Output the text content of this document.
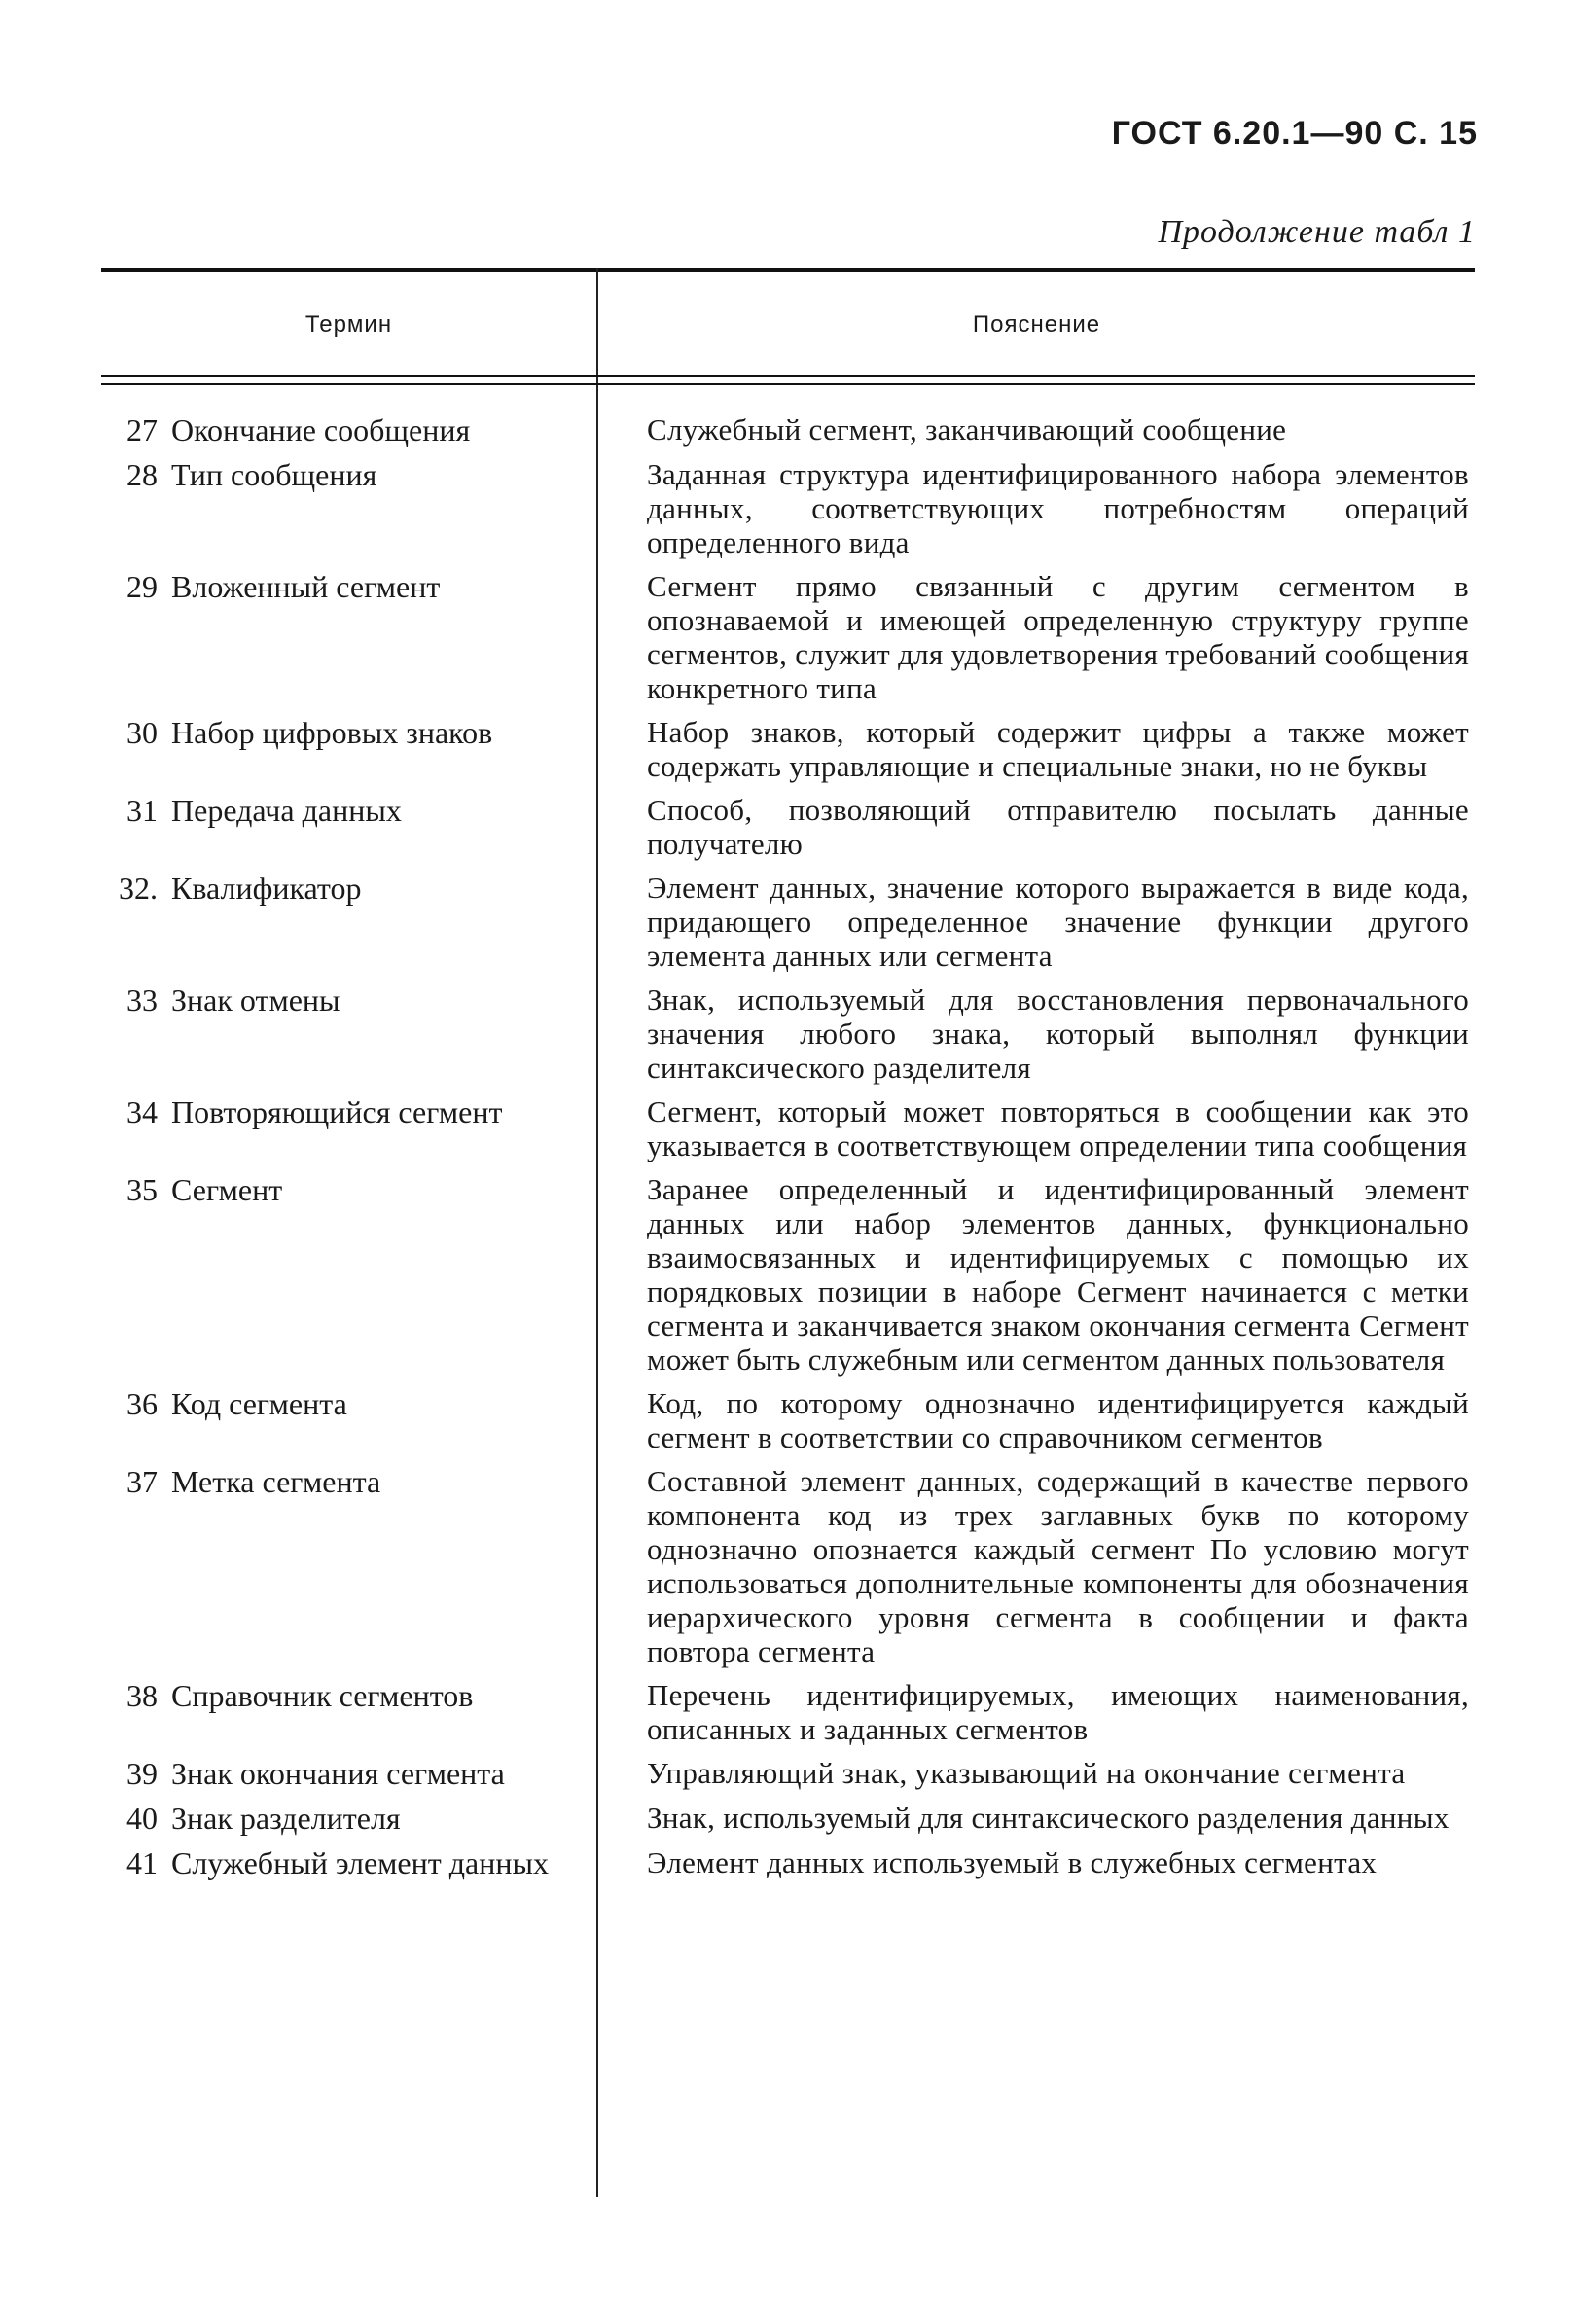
ГОСТ 6.20.1—90 С. 15
Продолжение табл 1
Термин	Пояснение
27 Окончание сообщения	Служебный сегмент, заканчивающий сообщение
28 Тип сообщения	Заданная структура идентифицированного набора элементов данных, соответствующих потребностям операций определенного вида
29 Вложенный сегмент	Сегмент прямо связанный с другим сегментом в опознаваемой и имеющей определенную структуру группе сегментов, служит для удовлетворения требований сообщения конкретного типа
30 Набор цифровых знаков	Набор знаков, который содержит цифры а также может содержать управляющие и специальные знаки, но не буквы
31 Передача данных	Способ, позволяющий отправителю посылать данные получателю
32. Квалификатор	Элемент данных, значение которого выражается в виде кода, придающего определенное значение функции другого элемента данных или сегмента
33 Знак отмены	Знак, используемый для восстановления первоначального значения любого знака, который выполнял функции синтаксического разделителя
34 Повторяющийся сегмент	Сегмент, который может повторяться в сообщении как это указывается в соответствующем определении типа сообщения
35 Сегмент	Заранее определенный и идентифицированный элемент данных или набор элементов данных, функционально взаимосвязанных и идентифицируемых с помощью их порядковых позиции в наборе Сегмент начинается с метки сегмента и заканчивается знаком окончания сегмента Сегмент может быть служебным или сегментом данных пользователя
36 Код сегмента	Код, по которому однозначно идентифицируется каждый сегмент в соответствии со справочником сегментов
37 Метка сегмента	Составной элемент данных, содержащий в качестве первого компонента код из трех заглавных букв по которому однозначно опознается каждый сегмент По условию могут использоваться дополнительные компоненты для обозначения иерархического уровня сегмента в сообщении и факта повтора сегмента
38 Справочник сегментов	Перечень идентифицируемых, имеющих наименования, описанных и заданных сегментов
39 Знак окончания сегмента	Управляющий знак, указывающий на окончание сегмента
40 Знак разделителя	Знак, используемый для синтаксического разделения данных
41 Служебный элемент данных	Элемент данных используемый в служебных сегментах
